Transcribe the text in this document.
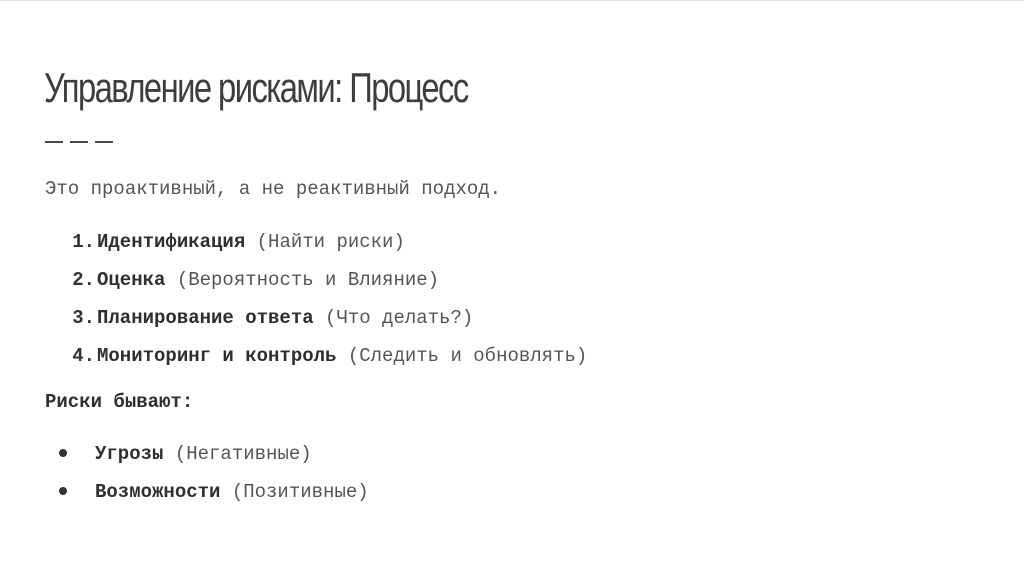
Управление рисками: Процесс
Это проактивный, а не реактивный подход.
1. Идентификация (Найти риски)
2. Оценка (Вероятность и Влияние)
3. Планирование ответа (Что делать?)
4. Мониторинг и контроль (Следить и обновлять)
Риски бывают:
Угрозы (Негативные)
Возможности (Позитивные)
